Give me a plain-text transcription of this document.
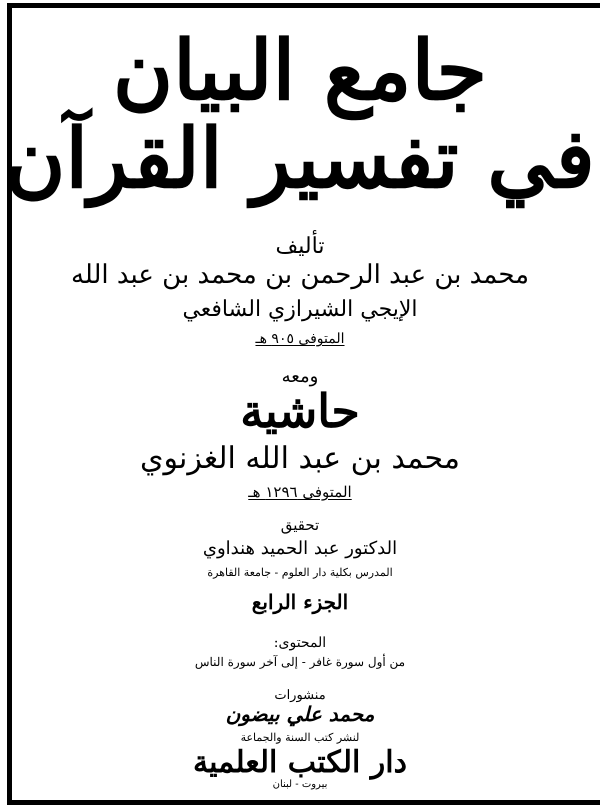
جامع البيان
في تفسير القرآن
تأليف
محمد بن عبد الرحمن بن محمد بن عبد الله
الإيجي الشيرازي الشافعي
المتوفى ٩٠٥ هـ
ومعه
حاشية
محمد بن عبد الله الغزنوي
المتوفى ١٢٩٦ هـ
تحقيق
الدكتور عبد الحميد هنداوي
المدرس بكلية دار العلوم - جامعة القاهرة
الجزء الرابع
المحتوى:
من أول سورة غافر - إلى آخر سورة الناس
منشورات
محمد علي بيضون
لنشر كتب السنة والجماعة
دار الكتب العلمية
بيروت - لبنان
